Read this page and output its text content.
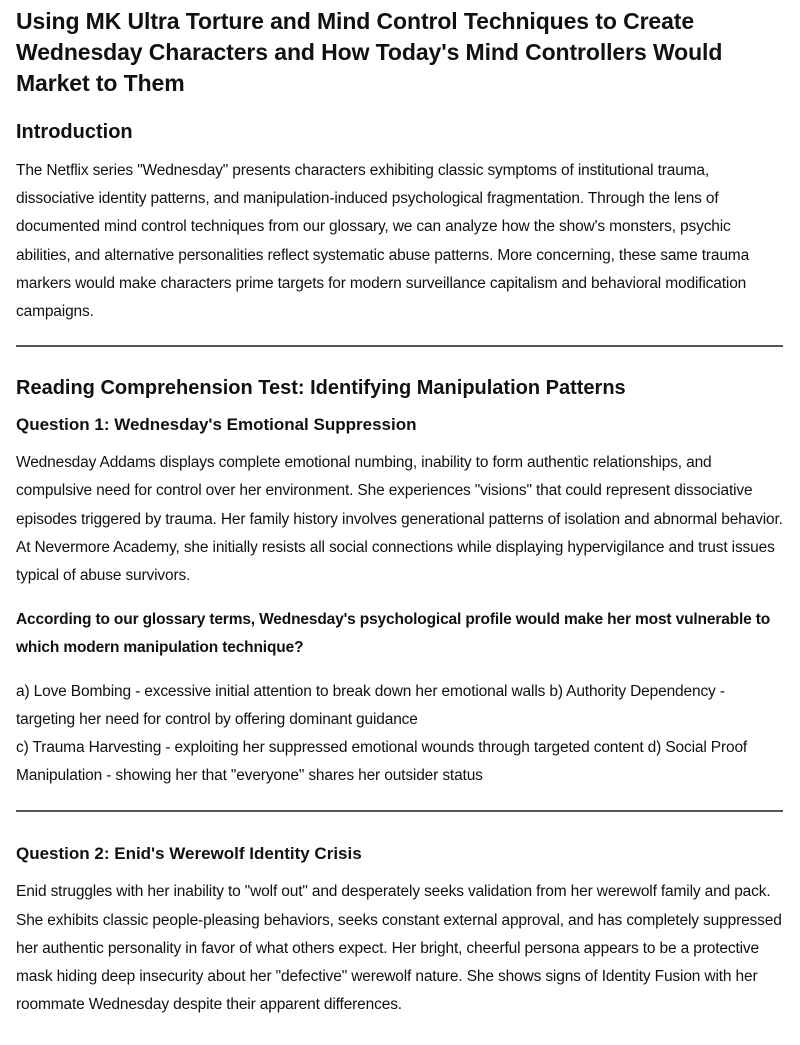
Using MK Ultra Torture and Mind Control Techniques to Create Wednesday Characters and How Today's Mind Controllers Would Market to Them
Introduction

The Netflix series "Wednesday" presents characters exhibiting classic symptoms of institutional trauma, dissociative identity patterns, and manipulation-induced psychological fragmentation. Through the lens of documented mind control techniques from our glossary, we can analyze how the show's monsters, psychic abilities, and alternative personalities reflect systematic abuse patterns. More concerning, these same trauma markers would make characters prime targets for modern surveillance capitalism and behavioral modification campaigns.

Reading Comprehension Test: Identifying Manipulation Patterns
Question 1: Wednesday's Emotional Suppression

Wednesday Addams displays complete emotional numbing, inability to form authentic relationships, and compulsive need for control over her environment. She experiences "visions" that could represent dissociative episodes triggered by trauma. Her family history involves generational patterns of isolation and abnormal behavior. At Nevermore Academy, she initially resists all social connections while displaying hypervigilance and trust issues typical of abuse survivors.

According to our glossary terms, Wednesday's psychological profile would make her most vulnerable to which modern manipulation technique?

a) Love Bombing - excessive initial attention to break down her emotional walls b) Authority Dependency - targeting her need for control by offering dominant guidance

c) Trauma Harvesting - exploiting her suppressed emotional wounds through targeted content d) Social Proof Manipulation - showing her that "everyone" shares her outsider status

Question 2: Enid's Werewolf Identity Crisis

Enid struggles with her inability to "wolf out" and desperately seeks validation from her werewolf family and pack. She exhibits classic people-pleasing behaviors, seeks constant external approval, and has completely suppressed her authentic personality in favor of what others expect. Her bright, cheerful persona appears to be a protective mask hiding deep insecurity about her "defective" werewolf nature. She shows signs of Identity Fusion with her roommate Wednesday despite their apparent differences.
